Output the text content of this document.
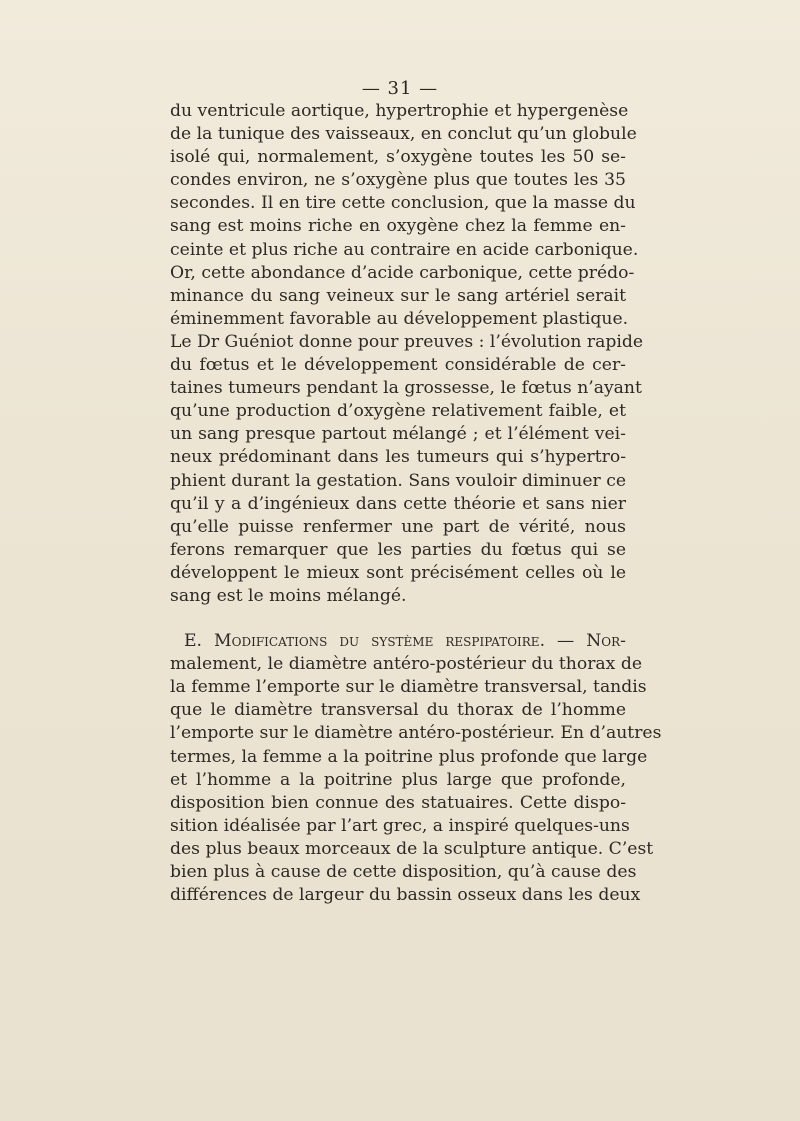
— 31 —
du ventricule aortique, hypertrophie et hypergenèse
de la tunique des vaisseaux, en conclut qu’un globule
isolé qui, normalement, s’oxygène toutes les 50 se-
condes environ, ne s’oxygène plus que toutes les 35
secondes. Il en tire cette conclusion, que la masse du
sang est moins riche en oxygène chez la femme en-
ceinte et plus riche au contraire en acide carbonique.
Or, cette abondance d’acide carbonique, cette prédo-
minance du sang veineux sur le sang artériel serait
éminemment favorable au développement plastique.
Le Dr Guéniot donne pour preuves : l’évolution rapide
du fœtus et le développement considérable de cer-
taines tumeurs pendant la grossesse, le fœtus n’ayant
qu’une production d’oxygène relativement faible, et
un sang presque partout mélangé ; et l’élément vei-
neux prédominant dans les tumeurs qui s’hypertro-
phient durant la gestation. Sans vouloir diminuer ce
qu’il y a d’ingénieux dans cette théorie et sans nier
qu’elle puisse renfermer une part de vérité, nous
ferons remarquer que les parties du fœtus qui se
développent le mieux sont précisément celles où le
sang est le moins mélangé.
E. Modifications du système respipatoire. — Nor-
malement, le diamètre antéro-postérieur du thorax de
la femme l’emporte sur le diamètre transversal, tandis
que le diamètre transversal du thorax de l’homme
l’emporte sur le diamètre antéro-postérieur. En d’autres
termes, la femme a la poitrine plus profonde que large
et l’homme a la poitrine plus large que profonde,
disposition bien connue des statuaires. Cette dispo-
sition idéalisée par l’art grec, a inspiré quelques-uns
des plus beaux morceaux de la sculpture antique. C’est
bien plus à cause de cette disposition, qu’à cause des
différences de largeur du bassin osseux dans les deux
